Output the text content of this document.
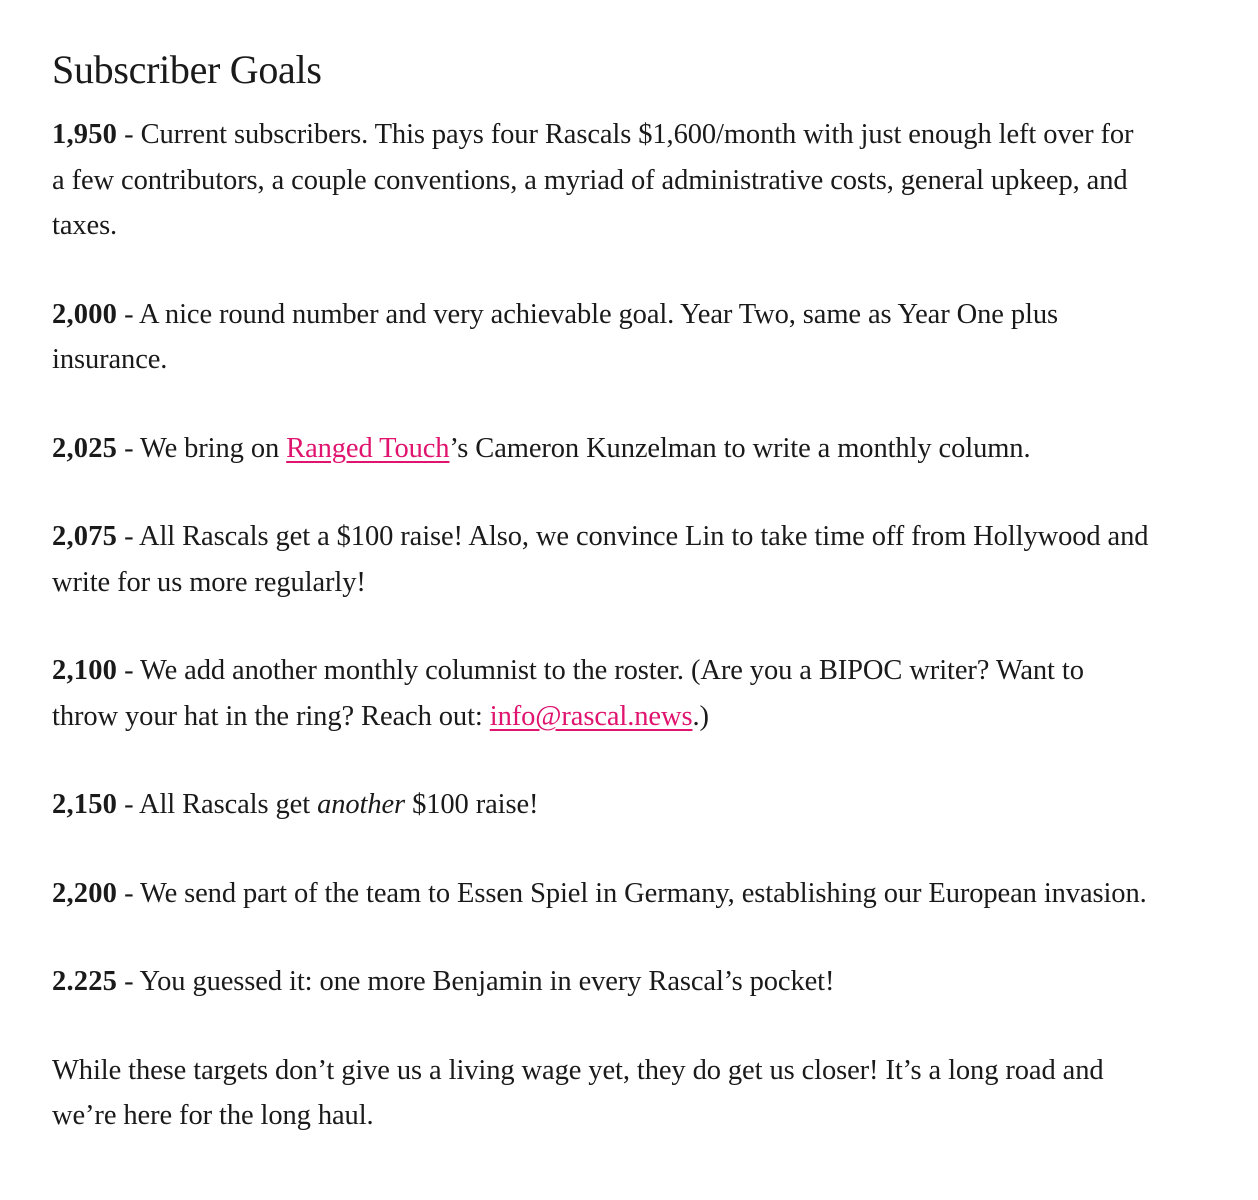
Subscriber Goals

1,950 - Current subscribers. This pays four Rascals $1,600/month with just enough left over for a few contributors, a couple conventions, a myriad of administrative costs, general upkeep, and taxes.

2,000 - A nice round number and very achievable goal. Year Two, same as Year One plus insurance.

2,025 - We bring on Ranged Touch’s Cameron Kunzelman to write a monthly column.

2,075 - All Rascals get a $100 raise! Also, we convince Lin to take time off from Hollywood and write for us more regularly!

2,100 - We add another monthly columnist to the roster. (Are you a BIPOC writer? Want to throw your hat in the ring? Reach out: info@rascal.news.)

2,150 - All Rascals get another $100 raise!

2,200 - We send part of the team to Essen Spiel in Germany, establishing our European invasion.

2.225 - You guessed it: one more Benjamin in every Rascal’s pocket!

While these targets don’t give us a living wage yet, they do get us closer! It’s a long road and we’re here for the long haul.
